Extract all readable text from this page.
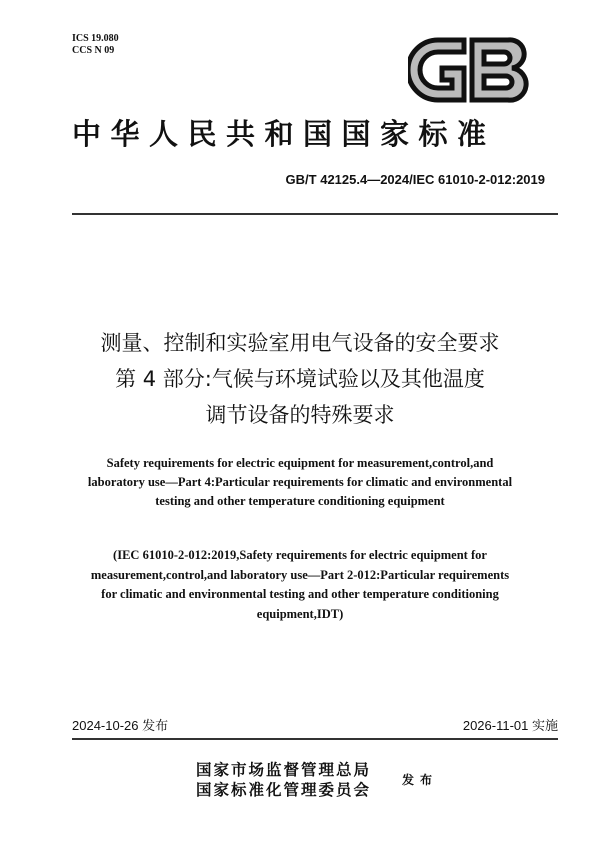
ICS 19.080
CCS N 09
中华人民共和国国家标准
GB/T 42125.4—2024/IEC 61010-2-012:2019
测量、控制和实验室用电气设备的安全要求
第 4 部分:气候与环境试验以及其他温度
调节设备的特殊要求
Safety requirements for electric equipment for measurement,control,and
laboratory use—Part 4:Particular requirements for climatic and environmental
testing and other temperature conditioning equipment
(IEC 61010-2-012:2019,Safety requirements for electric equipment for
measurement,control,and laboratory use—Part 2-012:Particular requirements
for climatic and environmental testing and other temperature conditioning
equipment,IDT)
2024-10-26 发布	2026-11-01 实施
国家市场监督管理总局
国家标准化管理委员会	发布
